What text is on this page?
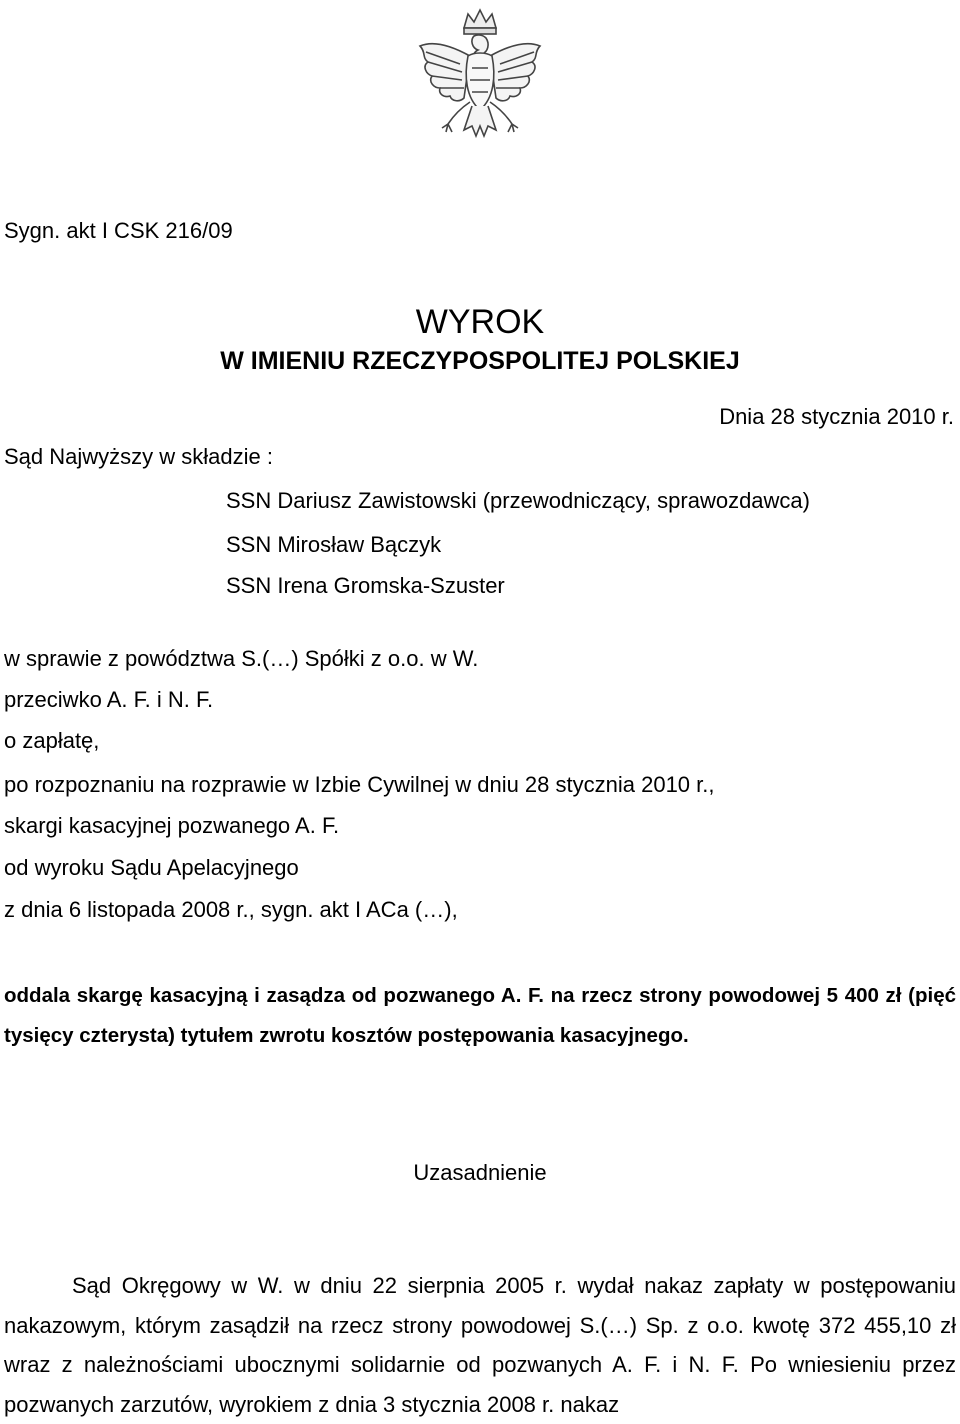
Sygn. akt I CSK 216/09
WYROK
W IMIENIU RZECZYPOSPOLITEJ POLSKIEJ
Dnia 28 stycznia 2010 r.
Sąd Najwyższy w składzie :
SSN Dariusz Zawistowski (przewodniczący, sprawozdawca)
SSN Mirosław Bączyk
SSN Irena Gromska-Szuster
w sprawie z powództwa S.(…) Spółki z o.o. w W.
przeciwko A. F. i N. F.
o zapłatę,
po rozpoznaniu na rozprawie w Izbie Cywilnej w dniu 28 stycznia 2010 r.,
skargi kasacyjnej pozwanego A. F.
od wyroku Sądu Apelacyjnego
z dnia 6 listopada 2008 r., sygn. akt I ACa (…),
oddala skargę kasacyjną i zasądza od pozwanego A. F. na rzecz strony powodowej 5 400 zł (pięć tysięcy czterysta) tytułem zwrotu kosztów postępowania kasacyjnego.
Uzasadnienie
Sąd Okręgowy w W. w dniu 22 sierpnia 2005 r. wydał nakaz zapłaty w postępowaniu nakazowym, którym zasądził na rzecz strony powodowej S.(…) Sp. z o.o. kwotę 372 455,10 zł wraz z należnościami ubocznymi solidarnie od pozwanych A. F. i N. F. Po wniesieniu przez pozwanych zarzutów, wyrokiem z dnia 3 stycznia 2008 r. nakaz
